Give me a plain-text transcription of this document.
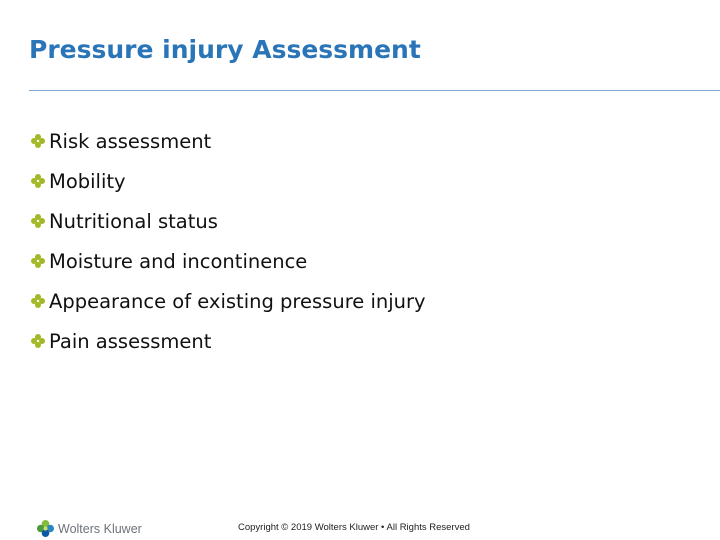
Pressure injury Assessment
Risk assessment
Mobility
Nutritional status
Moisture and incontinence
Appearance of existing pressure injury
Pain assessment
Wolters Kluwer	Copyright © 2019 Wolters Kluwer • All Rights Reserved
